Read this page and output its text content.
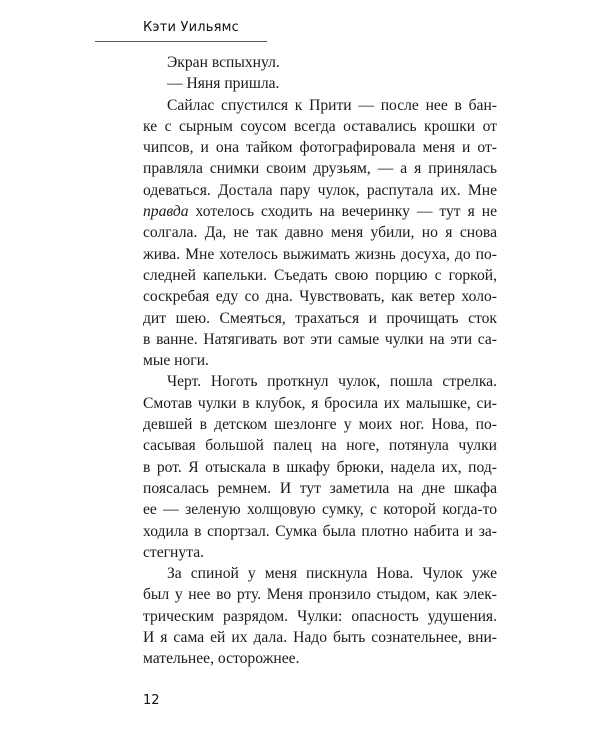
Кэти Уильямс
Экран вспыхнул.
— Няня пришла.
Сайлас спустился к Прити — после нее в бан-
ке с сырным соусом всегда оставались крошки от
чипсов, и она тайком фотографировала меня и от-
правляла снимки своим друзьям, — а я принялась
одеваться. Достала пару чулок, распутала их. Мне
правда хотелось сходить на вечеринку — тут я не
солгала. Да, не так давно меня убили, но я снова
жива. Мне хотелось выжимать жизнь досуха, до по-
следней капельки. Съедать свою порцию с горкой,
соскребая еду со дна. Чувствовать, как ветер холо-
дит шею. Смеяться, трахаться и прочищать сток
в ванне. Натягивать вот эти самые чулки на эти са-
мые ноги.
Черт. Ноготь проткнул чулок, пошла стрелка.
Смотав чулки в клубок, я бросила их малышке, си-
девшей в детском шезлонге у моих ног. Нова, по-
сасывая большой палец на ноге, потянула чулки
в рот. Я отыскала в шкафу брюки, надела их, под-
поясалась ремнем. И тут заметила на дне шкафа
ее — зеленую холщовую сумку, с которой когда-то
ходила в спортзал. Сумка была плотно набита и за-
стегнута.
За спиной у меня пискнула Нова. Чулок уже
был у нее во рту. Меня пронзило стыдом, как элек-
трическим разрядом. Чулки: опасность удушения.
И я сама ей их дала. Надо быть сознательнее, вни-
мательнее, осторожнее.
12
